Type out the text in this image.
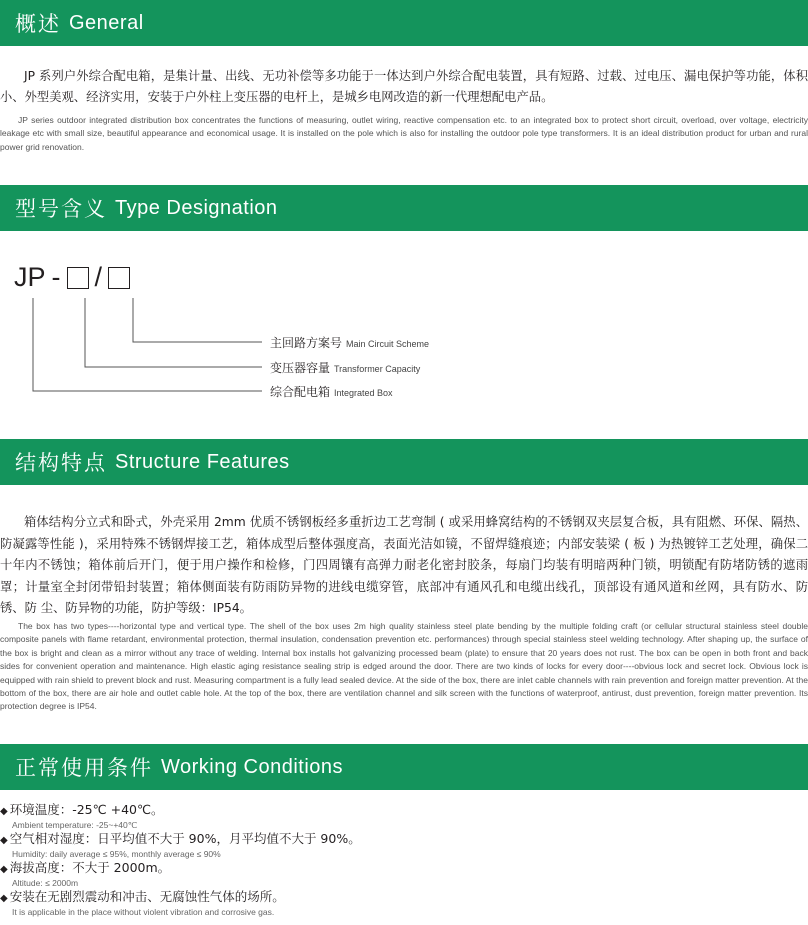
概述 General
JP 系列户外综合配电箱，是集计量、出线、无功补偿等多功能于一体达到户外综合配电装置，具有短路、过载、过电压、漏电保护等功能，体积小、外型美观、经济实用，安装于户外柱上变压器的电杆上，是城乡电网改造的新一代理想配电产品。
JP series outdoor integrated distribution box concentrates the functions of measuring, outlet wiring, reactive compensation etc. to an integrated box to protect short circuit, overload, over voltage, electricity leakage etc with small size, beautiful appearance and economical usage. It is installed on the pole which is also for installing the outdoor pole type transformers. It is an ideal distribution product for urban and rural power grid renovation.
型号含义 Type Designation
JP - /
主回路方案号 Main Circuit Scheme
变压器容量 Transformer Capacity
综合配电箱 Integrated Box
结构特点 Structure Features
箱体结构分立式和卧式，外壳采用 2mm 优质不锈钢板经多重折边工艺弯制 ( 或采用蜂窝结构的不锈钢双夹层复合板，具有阻燃、环保、隔热、防凝露等性能 )，采用特殊不锈钢焊接工艺，箱体成型后整体强度高，表面光洁如镜，不留焊缝痕迹；内部安装梁 ( 板 ) 为热镀锌工艺处理，确保二十年内不锈蚀；箱体前后开门，便于用户操作和检修，门四周镶有高弹力耐老化密封胶条，每扇门均装有明暗两种门锁，明锁配有防堵防锈的遮雨罩；计量室全封闭带铅封装置；箱体侧面装有防雨防异物的进线电缆穿管，底部冲有通风孔和电缆出线孔，顶部设有通风道和丝网，具有防水、防锈、防 尘、防异物的功能，防护等级：IP54。
The box has two types----horizontal type and vertical type. The shell of the box uses 2m high quality stainless steel plate bending by the multiple folding craft (or cellular structural stainless steel double composite panels with flame retardant, environmental protection, thermal insulation, condensation prevention etc. performances) through special stainless steel welding technology. After shaping up, the surface of the box is bright and clean as a mirror without any trace of welding. Internal box installs hot galvanizing processed beam (plate) to ensure that 20 years does not rust. The box can be open in both front and back sides for convenient operation and maintenance. High elastic aging resistance sealing strip is edged around the door. There are two kinds of locks for every door----obvious lock and secret lock. Obvious lock is equipped with rain shield to prevent block and rust. Measuring compartment is a fully lead sealed device. At the side of the box, there are inlet cable channels with rain prevention and foreign matter prevention. At the bottom of the box, there are air hole and outlet cable hole. At the top of the box, there are ventilation channel and silk screen with the functions of waterproof, antirust, dust prevention, foreign matter prevention. Its protection degree is IP54.
正常使用条件 Working Conditions
◆ 环境温度：-25℃ +40℃。
Ambient temperature: -25~+40℃
◆ 空气相对湿度：日平均值不大于 90%，月平均值不大于 90%。
Humidity: daily average ≤ 95%, monthly average ≤ 90%
◆ 海拔高度：不大于 2000m。
Altitude: ≤ 2000m
◆ 安装在无剧烈震动和冲击、无腐蚀性气体的场所。
It is applicable in the place without violent vibration and corrosive gas.
